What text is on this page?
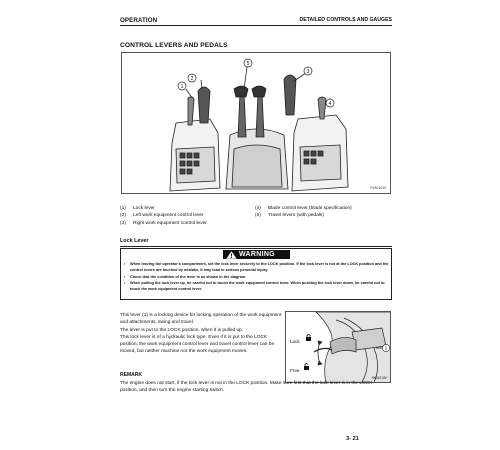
OPERATION	DETAILED CONTROLS AND GAUGES
CONTROL LEVERS AND PEDALS
1
2
3
4
5
PJA01910
(1) Lock lever
(2) Left work equipment control lever
(3) Right work equipment control lever
(4) Blade control lever (blade specification)
(5) Travel levers (with pedals)
Lock Lever
WARNING
▪ When leaving the operator's compartment, set the lock lever securely to the LOCK position. If the lock lever is not at the LOCK position and the control levers are touched by mistake, it may lead to serious personal injury.
▪ Check that the condition of the lever is as shown in the diagram.
▪ When pulling the lock lever up, be careful not to touch the work equipment control lever. When pushing the lock lever down, be careful not to touch the work equipment control lever.
This lever (1) is a locking device for locking operation of the work equipment and attachments, swing and travel.
The lever is put to the LOCK position, when it is pulled up.
This lock lever is of a hydraulic lock type. Even if it is put to the LOCK position, the work equipment control lever and travel control lever can be moved, but neither machine nor the work equipment moves.
1
Lock
Free
RKA61380
REMARK
The engine does not start, if the lock lever is not in the LOCK position. Make sure first that the lock lever is in the LOCK position, and then turn the engine starting switch.
3- 21
